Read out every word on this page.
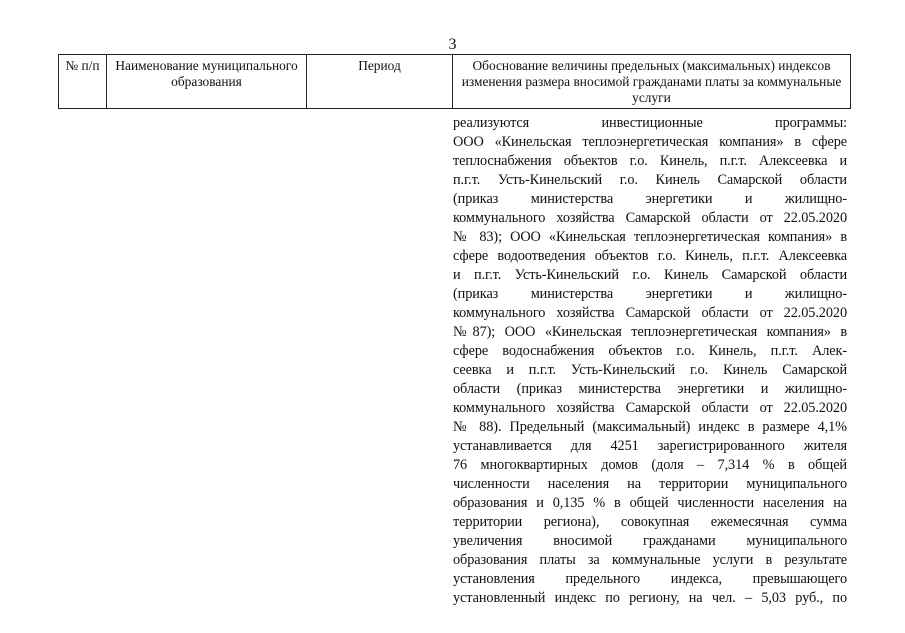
3
№ п/п	Наименование муниципального образования	Период	Обоснование величины предельных (максимальных) индексов изменения размера вносимой гражданами платы за коммунальные услуги
реализуются инвестиционные программы:
ООО «Кинельская теплоэнергетическая компания» в сфере
теплоснабжения объектов г.о. Кинель, п.г.т. Алексеевка и
п.г.т. Усть-Кинельский г.о. Кинель Самарской области
(приказ министерства энергетики и жилищно-
коммунального хозяйства Самарской области от 22.05.2020
№ 83); ООО «Кинельская теплоэнергетическая компания» в
сфере водоотведения объектов г.о. Кинель, п.г.т. Алексеевка
и п.г.т. Усть-Кинельский г.о. Кинель Самарской области
(приказ министерства энергетики и жилищно-
коммунального хозяйства Самарской области от 22.05.2020
№87); ООО «Кинельская теплоэнергетическая компания» в
сфере водоснабжения объектов г.о. Кинель, п.г.т. Алек-
сеевка и п.г.т. Усть-Кинельский г.о. Кинель Самарской
области (приказ министерства энергетики и жилищно-
коммунального хозяйства Самарской области от 22.05.2020
№ 88). Предельный (максимальный) индекс в размере 4,1%
устанавливается для 4251 зарегистрированного жителя
76 многоквартирных домов (доля – 7,314 % в общей
численности населения на территории муниципального
образования и 0,135 % в общей численности населения на
территории региона), совокупная ежемесячная сумма
увеличения вносимой гражданами муниципального
образования платы за коммунальные услуги в результате
установления предельного индекса, превышающего
установленный индекс по региону, на чел. – 5,03 руб., по
